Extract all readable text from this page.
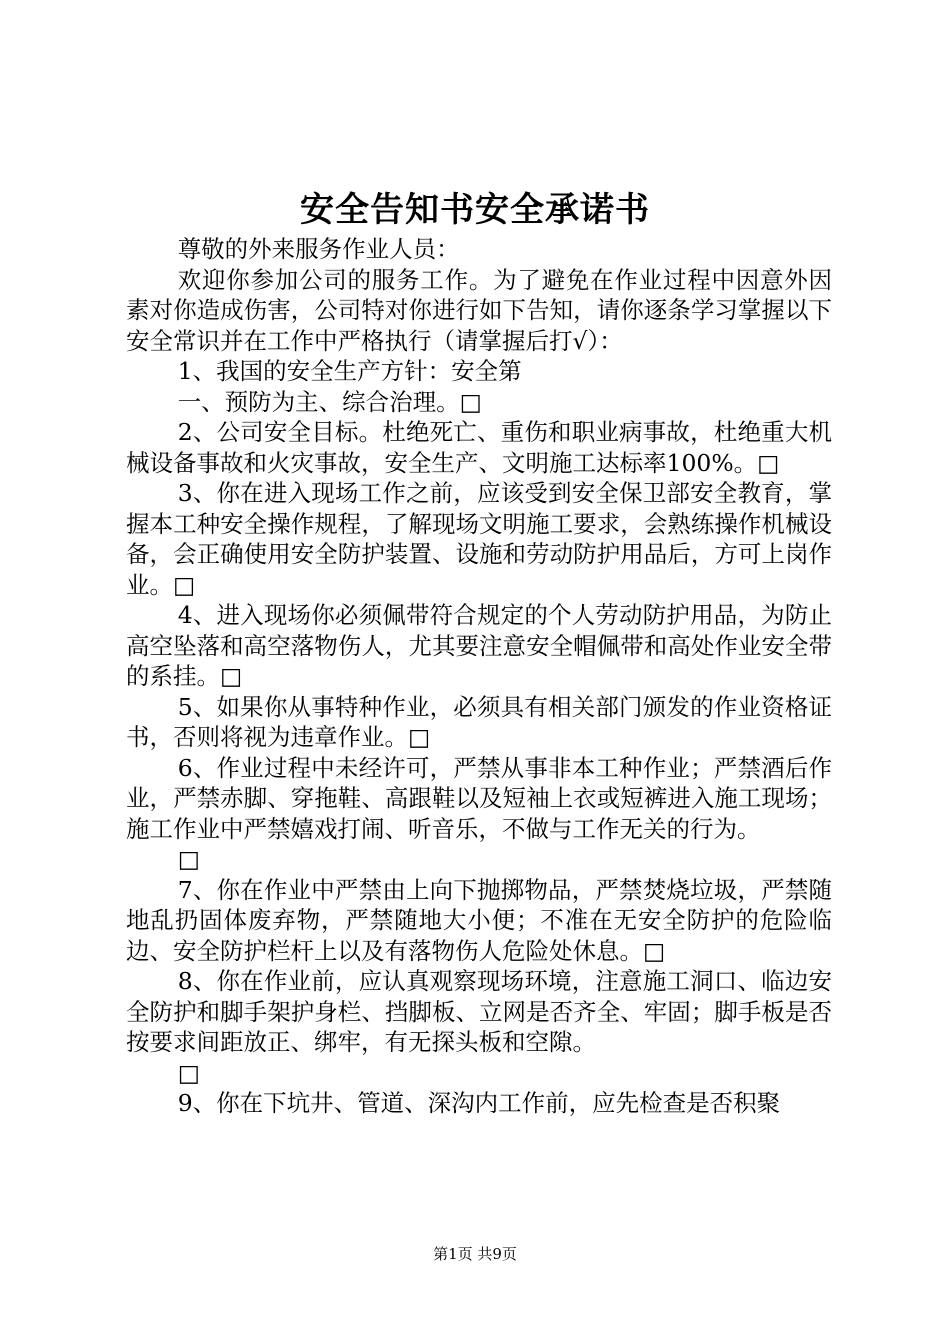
安全告知书安全承诺书

尊敬的外来服务作业人员：

欢迎你参加公司的服务工作。为了避免在作业过程中因意外因素对你造成伤害，公司特对你进行如下告知，请你逐条学习掌握以下安全常识并在工作中严格执行（请掌握后打√）：

1、我国的安全生产方针：安全第

一、预防为主、综合治理。□

2、公司安全目标。杜绝死亡、重伤和职业病事故，杜绝重大机械设备事故和火灾事故，安全生产、文明施工达标率100%。□

3、你在进入现场工作之前，应该受到安全保卫部安全教育，掌握本工种安全操作规程，了解现场文明施工要求，会熟练操作机械设备，会正确使用安全防护装置、设施和劳动防护用品后，方可上岗作业。□

4、进入现场你必须佩带符合规定的个人劳动防护用品，为防止高空坠落和高空落物伤人，尤其要注意安全帽佩带和高处作业安全带的系挂。□

5、如果你从事特种作业，必须具有相关部门颁发的作业资格证书，否则将视为违章作业。□

6、作业过程中未经许可，严禁从事非本工种作业；严禁酒后作业，严禁赤脚、穿拖鞋、高跟鞋以及短袖上衣或短裤进入施工现场；施工作业中严禁嬉戏打闹、听音乐，不做与工作无关的行为。

□

7、你在作业中严禁由上向下抛掷物品，严禁焚烧垃圾，严禁随地乱扔固体废弃物，严禁随地大小便；不准在无安全防护的危险临边、安全防护栏杆上以及有落物伤人危险处休息。□

8、你在作业前，应认真观察现场环境，注意施工洞口、临边安全防护和脚手架护身栏、挡脚板、立网是否齐全、牢固；脚手板是否按要求间距放正、绑牢，有无探头板和空隙。

□

9、你在下坑井、管道、深沟内工作前，应先检查是否积聚

第1页 共9页
